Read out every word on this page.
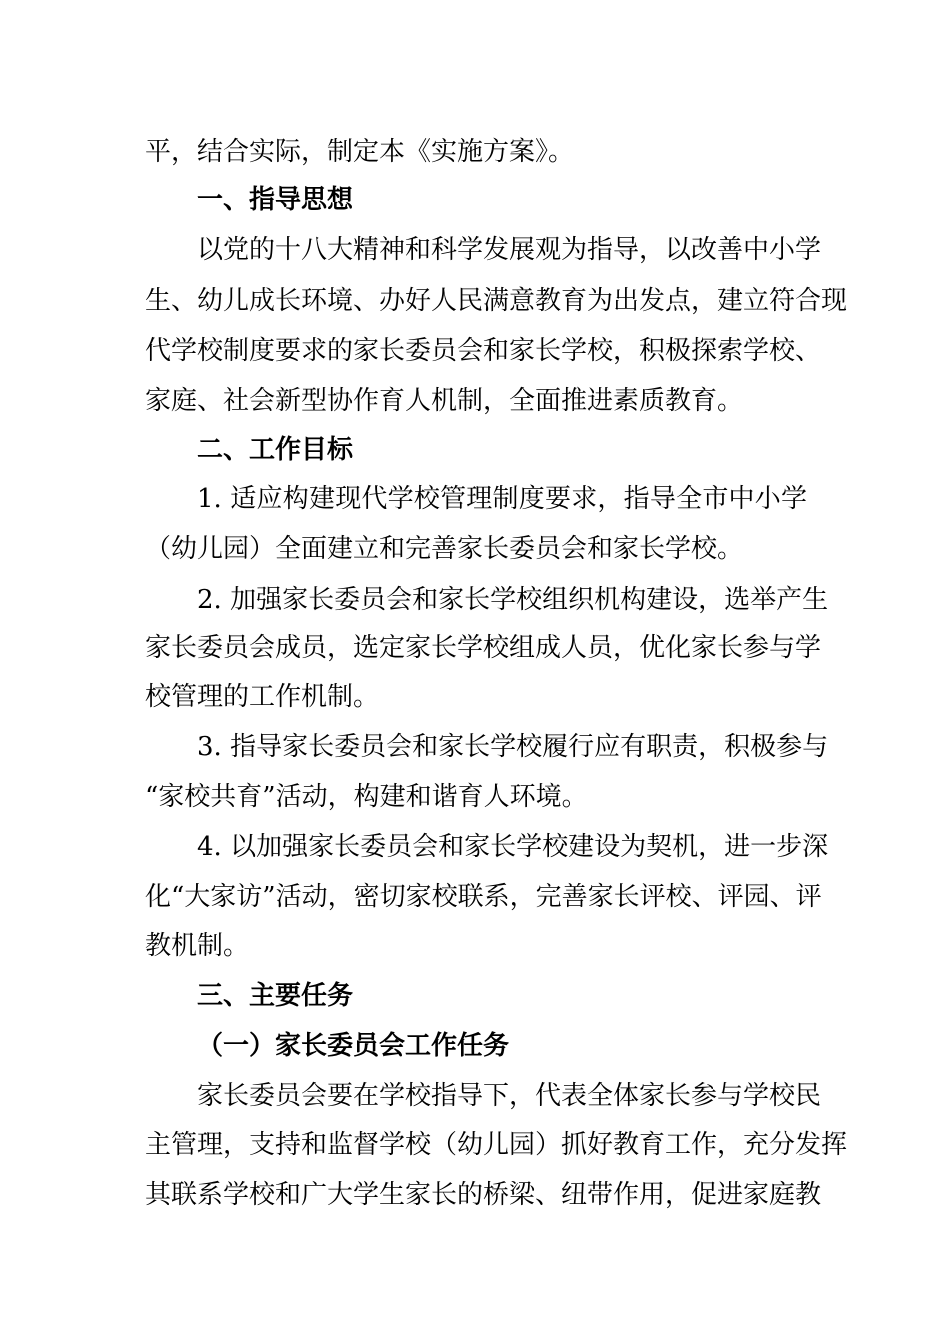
平，结合实际，制定本《实施方案》。
一、指导思想
以党的十八大精神和科学发展观为指导，以改善中小学
生、幼儿成长环境、办好人民满意教育为出发点，建立符合现
代学校制度要求的家长委员会和家长学校，积极探索学校、
家庭、社会新型协作育人机制，全面推进素质教育。
二、工作目标
1. 适应构建现代学校管理制度要求，指导全市中小学
（幼儿园）全面建立和完善家长委员会和家长学校。
2. 加强家长委员会和家长学校组织机构建设，选举产生
家长委员会成员，选定家长学校组成人员，优化家长参与学
校管理的工作机制。
3. 指导家长委员会和家长学校履行应有职责，积极参与
“家校共育”活动，构建和谐育人环境。
4. 以加强家长委员会和家长学校建设为契机，进一步深
化“大家访”活动，密切家校联系，完善家长评校、评园、评
教机制。
三、主要任务
（一）家长委员会工作任务
家长委员会要在学校指导下，代表全体家长参与学校民
主管理，支持和监督学校（幼儿园）抓好教育工作，充分发挥
其联系学校和广大学生家长的桥梁、纽带作用，促进家庭教
